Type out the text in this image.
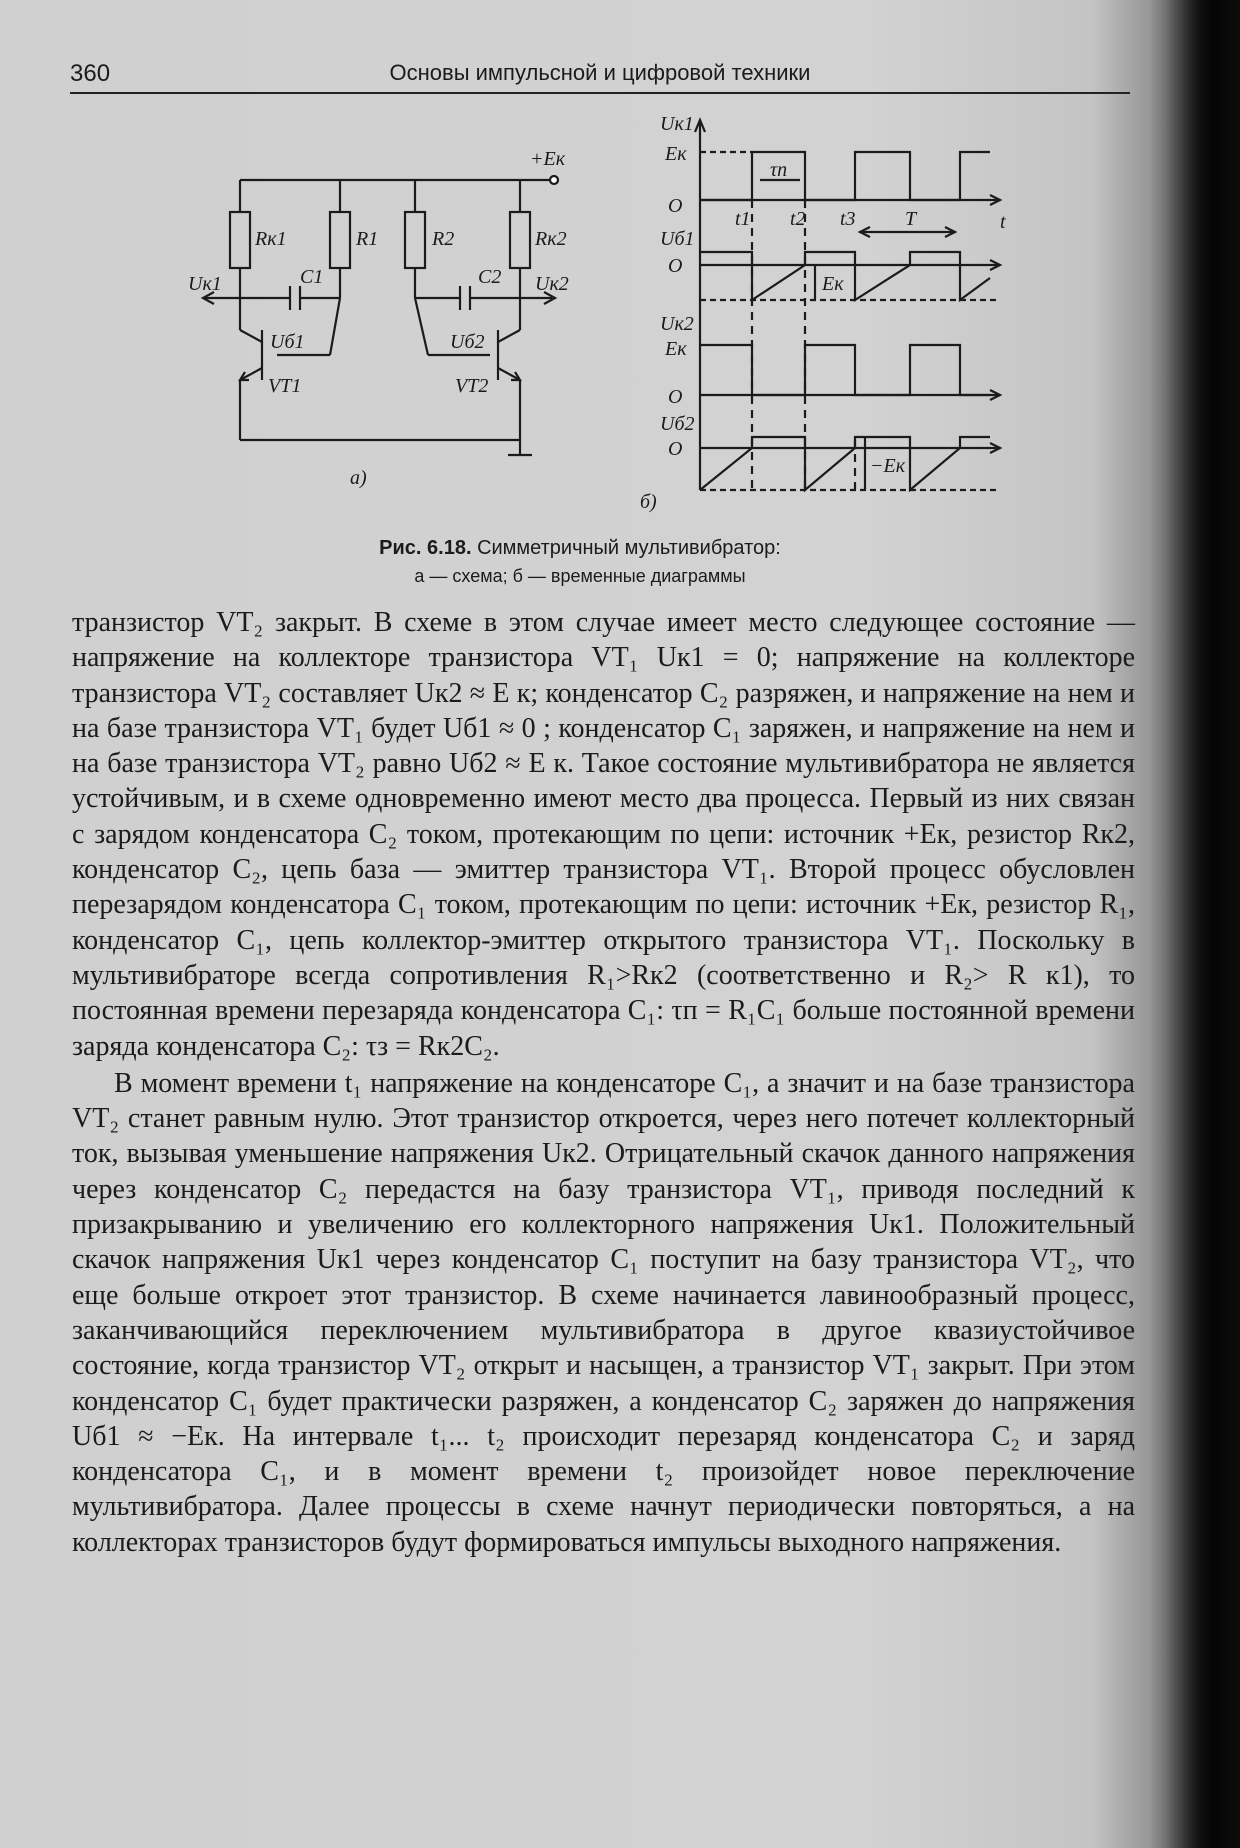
360	Основы импульсной и цифровой техники
+Eк
Rк1	R1	R2	Rк2
Uк1	C1	C2 Uк2
Uб1	Uб2
VT1	VT2
а)
Uк1
Eк
O
τп
t1 t2 t3 T	t
Uб1
O
Eк
Uк2
Eк
O
Uб2
O
−Eк
б)
Рис. 6.18. Симметричный мультивибратор:
а — схема; б — временные диаграммы

транзистор VT₂ закрыт. В схеме в этом случае имеет место следующее состояние — напряжение на коллекторе транзистора VT₁ Uк1 = 0; напряжение на коллекторе транзистора VT₂ составляет Uк2 ≈ E к; конденсатор C₂ разряжен, и напряжение на нем и на базе транзистора VT₁ будет Uб1 ≈ 0 ; конденсатор C₁ заряжен, и напряжение на нем и на базе транзистора VT₂ равно Uб2 ≈ E к. Такое состояние мультивибратора не является устойчивым, и в схеме одновременно имеют место два процесса. Первый из них связан с зарядом конденсатора C₂ током, протекающим по цепи: источник +Eк, резистор Rк2, конденсатор C₂, цепь база — эмиттер транзистора VT₁. Второй процесс обусловлен перезарядом конденсатора C₁ током, протекающим по цепи: источник +Eк, резистор R₁, конденсатор C₁, цепь коллектор-эмиттер открытого транзистора VT₁. Поскольку в мультивибраторе всегда сопротивления R₁>Rк2 (соответственно и R₂> R к1), то постоянная времени перезаряда конденсатора C₁: τп = R₁C₁ больше постоянной времени заряда конденсатора C₂: τз = Rк2C₂.

В момент времени t₁ напряжение на конденсаторе C₁, а значит и на базе транзистора VT₂ станет равным нулю. Этот транзистор откроется, через него потечет коллекторный ток, вызывая уменьшение напряжения Uк2. Отрицательный скачок данного напряжения через конденсатор C₂ передастся на базу транзистора VT₁, приводя последний к призакрыванию и увеличению его коллекторного напряжения Uк1. Положительный скачок напряжения Uк1 через конденсатор C₁ поступит на базу транзистора VT₂, что еще больше откроет этот транзистор. В схеме начинается лавинообразный процесс, заканчивающийся переключением мультивибратора в другое квазиустойчивое состояние, когда транзистор VT₂ открыт и насыщен, а транзистор VT₁ закрыт. При этом конденсатор C₁ будет практически разряжен, а конденсатор C₂ заряжен до напряжения Uб1 ≈ −Eк. На интервале t₁... t₂ происходит перезаряд конденсатора C₂ и заряд конденсатора C₁, и в момент времени t₂ произойдет новое переключение мультивибратора. Далее процессы в схеме начнут периодически повторяться, а на коллекторах транзисторов будут формироваться импульсы выходного напряжения.
